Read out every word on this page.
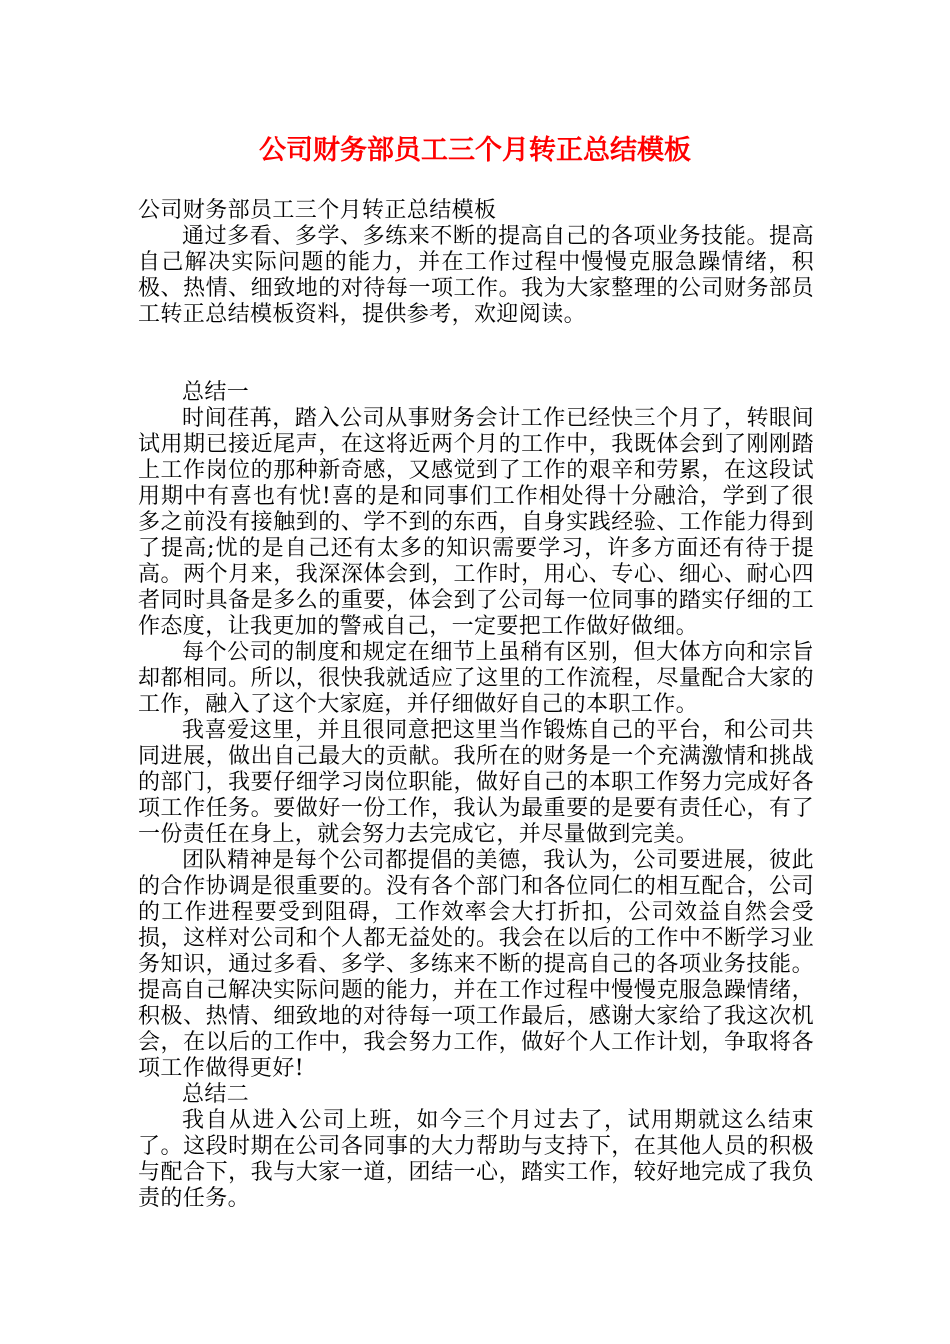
公司财务部员工三个月转正总结模板

公司财务部员工三个月转正总结模板

通过多看、多学、多练来不断的提高自己的各项业务技能。提高自己解决实际问题的能力，并在工作过程中慢慢克服急躁情绪，积极、热情、细致地的对待每一项工作。我为大家整理的公司财务部员工转正总结模板资料，提供参考，欢迎阅读。

总结一

时间荏苒，踏入公司从事财务会计工作已经快三个月了，转眼间试用期已接近尾声，在这将近两个月的工作中，我既体会到了刚刚踏上工作岗位的那种新奇感，又感觉到了工作的艰辛和劳累，在这段试用期中有喜也有忧!喜的是和同事们工作相处得十分融洽，学到了很多之前没有接触到的、学不到的东西，自身实践经验、工作能力得到了提高;忧的是自己还有太多的知识需要学习，许多方面还有待于提高。两个月来，我深深体会到，工作时，用心、专心、细心、耐心四者同时具备是多么的重要，体会到了公司每一位同事的踏实仔细的工作态度，让我更加的警戒自己，一定要把工作做好做细。

每个公司的制度和规定在细节上虽稍有区别，但大体方向和宗旨却都相同。所以，很快我就适应了这里的工作流程，尽量配合大家的工作，融入了这个大家庭，并仔细做好自己的本职工作。

我喜爱这里，并且很同意把这里当作锻炼自己的平台，和公司共同进展，做出自己最大的贡献。我所在的财务是一个充满激情和挑战的部门，我要仔细学习岗位职能，做好自己的本职工作努力完成好各项工作任务。要做好一份工作，我认为最重要的是要有责任心，有了一份责任在身上，就会努力去完成它，并尽量做到完美。

团队精神是每个公司都提倡的美德，我认为，公司要进展，彼此的合作协调是很重要的。没有各个部门和各位同仁的相互配合，公司的工作进程要受到阻碍，工作效率会大打折扣，公司效益自然会受损，这样对公司和个人都无益处的。我会在以后的工作中不断学习业务知识，通过多看、多学、多练来不断的提高自己的各项业务技能。提高自己解决实际问题的能力，并在工作过程中慢慢克服急躁情绪，积极、热情、细致地的对待每一项工作最后，感谢大家给了我这次机会，在以后的工作中，我会努力工作，做好个人工作计划，争取将各项工作做得更好!

总结二

我自从进入公司上班，如今三个月过去了，试用期就这么结束了。这段时期在公司各同事的大力帮助与支持下，在其他人员的积极与配合下，我与大家一道，团结一心，踏实工作，较好地完成了我负责的任务。
